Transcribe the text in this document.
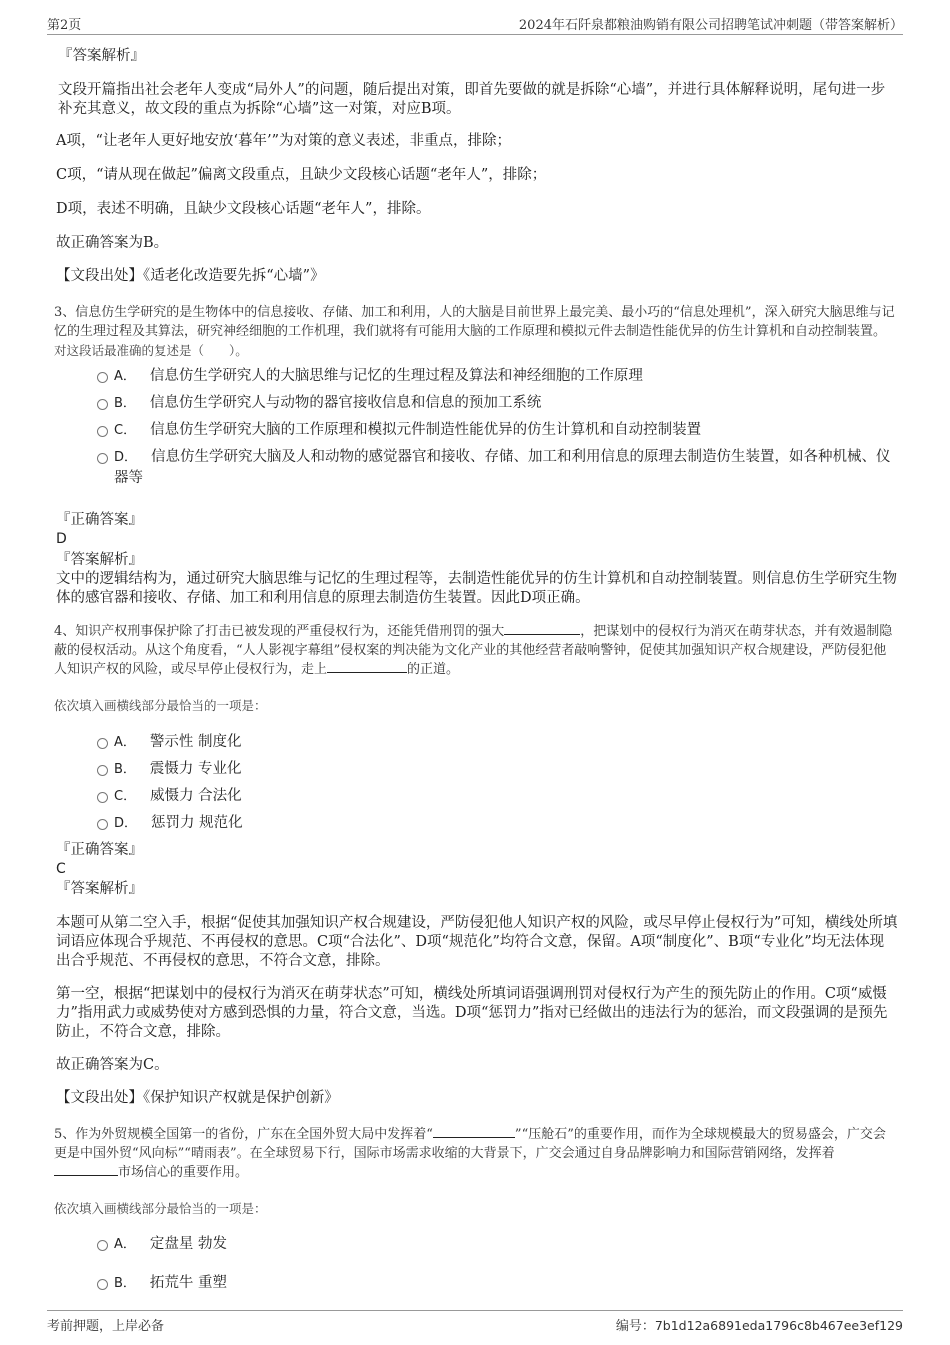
第2页	2024年石阡泉都粮油购销有限公司招聘笔试冲刺题（带答案解析）

『答案解析』

文段开篇指出社会老年人变成“局外人”的问题，随后提出对策，即首先要做的就是拆除“心墙”，并进行具体解释说明，尾句进一步补充其意义，故文段的重点为拆除“心墙”这一对策，对应B项。

A项，“让老年人更好地安放‘暮年’”为对策的意义表述，非重点，排除；

C项，“请从现在做起”偏离文段重点，且缺少文段核心话题“老年人”，排除；

D项，表述不明确，且缺少文段核心话题“老年人”，排除。

故正确答案为B。

【文段出处】《适老化改造要先拆“心墙”》

3、信息仿生学研究的是生物体中的信息接收、存储、加工和利用，人的大脑是目前世界上最完美、最小巧的“信息处理机”，深入研究大脑思维与记忆的生理过程及其算法，研究神经细胞的工作机理，我们就将有可能用大脑的工作原理和模拟元件去制造性能优异的仿生计算机和自动控制装置。

对这段话最准确的复述是（　　）。

A． 信息仿生学研究人的大脑思维与记忆的生理过程及算法和神经细胞的工作原理
B． 信息仿生学研究人与动物的器官接收信息和信息的预加工系统
C． 信息仿生学研究大脑的工作原理和模拟元件制造性能优异的仿生计算机和自动控制装置
D． 信息仿生学研究大脑及人和动物的感觉器官和接收、存储、加工和利用信息的原理去制造仿生装置，如各种机械、仪器等

『正确答案』

D

『答案解析』

文中的逻辑结构为，通过研究大脑思维与记忆的生理过程等，去制造性能优异的仿生计算机和自动控制装置。则信息仿生学研究生物体的感官器和接收、存储、加工和利用信息的原理去制造仿生装置。因此D项正确。

4、知识产权刑事保护除了打击已被发现的严重侵权行为，还能凭借刑罚的强大	，把谋划中的侵权行为消灭在萌芽状态，并有效遏制隐蔽的侵权活动。从这个角度看，“人人影视字幕组”侵权案的判决能为文化产业的其他经营者敲响警钟，促使其加强知识产权合规建设，严防侵犯他人知识产权的风险，或尽早停止侵权行为，走上	的正道。

依次填入画横线部分最恰当的一项是：

A． 警示性 制度化
B． 震慑力 专业化
C． 威慑力 合法化
D． 惩罚力 规范化

『正确答案』

C

『答案解析』

本题可从第二空入手，根据“促使其加强知识产权合规建设，严防侵犯他人知识产权的风险，或尽早停止侵权行为”可知，横线处所填词语应体现合乎规范、不再侵权的意思。C项“合法化”、D项“规范化”均符合文意，保留。A项“制度化”、B项“专业化”均无法体现出合乎规范、不再侵权的意思，不符合文意，排除。

第一空，根据“把谋划中的侵权行为消灭在萌芽状态”可知，横线处所填词语强调刑罚对侵权行为产生的预先防止的作用。C项“威慑力”指用武力或威势使对方感到恐惧的力量，符合文意，当选。D项“惩罚力”指对已经做出的违法行为的惩治，而文段强调的是预先防止，不符合文意，排除。

故正确答案为C。

【文段出处】《保护知识产权就是保护创新》

5、作为外贸规模全国第一的省份，广东在全国外贸大局中发挥着“	”“压舱石”的重要作用，而作为全球规模最大的贸易盛会，广交会更是中国外贸“风向标”“晴雨表”。在全球贸易下行，国际市场需求收缩的大背景下，广交会通过自身品牌影响力和国际营销网络，发挥着市场信心的重要作用。

依次填入画横线部分最恰当的一项是：

A． 定盘星 勃发
B． 拓荒牛 重塑
考前押题，上岸必备	编号：7b1d12a6891eda1796c8b467ee3ef129
